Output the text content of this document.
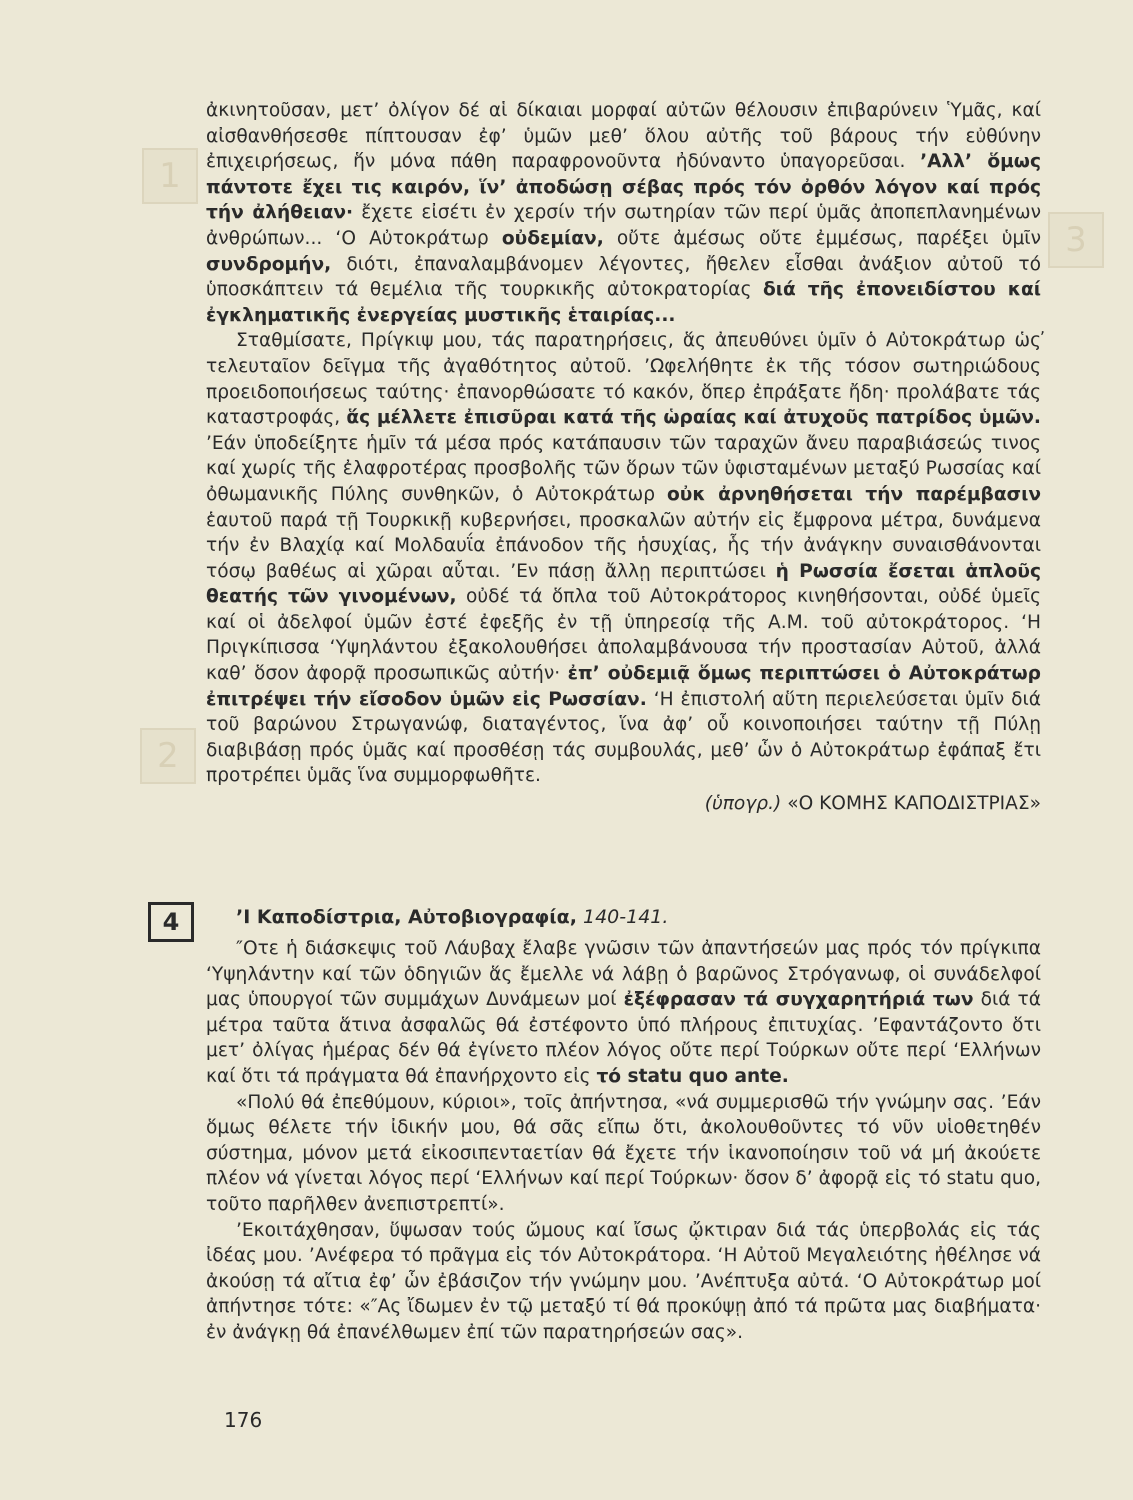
1
3
2

ἀκινητοῦσαν, μετ’ ὀλίγον δέ αἱ δίκαιαι μορφαί αὐτῶν θέλουσιν ἐπιβαρύνειν Ὑμᾶς, καί αἰσθανθήσεσθε πίπτουσαν ἐφ’ ὑμῶν μεθ’ ὅλου αὐτῆς τοῦ βάρους τήν εὐθύνην ἐπιχειρήσεως, ἥν μόνα πάθη παραφρονοῦντα ἠδύναντο ὑπαγορεῦσαι. ’Αλλ’ ὅμως πάντοτε ἔχει τις καιρόν, ἵν’ ἀποδώσῃ σέβας πρός τόν ὀρθόν λόγον καί πρός τήν ἀλήθειαν· ἔχετε εἰσέτι ἐν χερσίν τήν σωτηρίαν τῶν περί ὑμᾶς ἀποπεπλανημένων ἀνθρώπων... ‘Ο Αὐτοκράτωρ οὐδεμίαν, οὔτε ἀμέσως οὔτε ἐμμέσως, παρέξει ὑμῖν συνδρομήν, διότι, ἐπαναλαμβάνομεν λέγοντες, ἤθελεν εἶσθαι ἀνάξιον αὐτοῦ τό ὑποσκάπτειν τά θεμέλια τῆς τουρκικῆς αὐτοκρατορίας διά τῆς ἐπονειδίστου καί ἐγκληματικῆς ἐνεργείας μυστικῆς ἑταιρίας...

Σταθμίσατε, Πρίγκιψ μου, τάς παρατηρήσεις, ἅς ἀπευθύνει ὑμῖν ὁ Αὐτοκράτωρ ὡς τελευταῖον δεῖγμα τῆς ἀγαθότητος αὐτοῦ. ’Ωφελήθητε ἐκ τῆς τόσον σωτηριώδους προειδοποιήσεως ταύτης· ἐπανορθώσατε τό κακόν, ὅπερ ἐπράξατε ἤδη· προλάβατε τάς καταστροφάς, ἅς μέλλετε ἐπισῦραι κατά τῆς ὡραίας καί ἀτυχοῦς πατρίδος ὑμῶν. ’Εάν ὑποδείξητε ἡμῖν τά μέσα πρός κατάπαυσιν τῶν ταραχῶν ἄνευ παραβιάσεώς τινος καί χωρίς τῆς ἐλαφροτέρας προσβολῆς τῶν ὅρων τῶν ὑφισταμένων μεταξύ Ρωσσίας καί ὀθωμανικῆς Πύλης συνθηκῶν, ὁ Αὐτοκράτωρ οὐκ ἀρνηθήσεται τήν παρέμβασιν ἑαυτοῦ παρά τῇ Τουρκικῇ κυβερνήσει, προσκαλῶν αὐτήν εἰς ἔμφρονα μέτρα, δυνάμενα τήν ἐν Βλαχίᾳ καί Μολδαυΐα ἐπάνοδον τῆς ἡσυχίας, ἧς τήν ἀνάγκην συναισθάνονται τόσῳ βαθέως αἱ χῶραι αὗται. ’Εν πάσῃ ἄλλῃ περιπτώσει ἡ Ρωσσία ἔσεται ἁπλοῦς θεατής τῶν γινομένων, οὐδέ τά ὅπλα τοῦ Αὐτοκράτορος κινηθήσονται, οὐδέ ὑμεῖς καί οἱ ἀδελφοί ὑμῶν ἐστέ ἐφεξῆς ἐν τῇ ὑπηρεσίᾳ τῆς Α.Μ. τοῦ αὐτοκράτορος. ‘Η Πριγκίπισσα ‘Υψηλάντου ἐξακολουθήσει ἀπολαμβάνουσα τήν προστασίαν Αὐτοῦ, ἀλλά καθ’ ὅσον ἀφορᾷ προσωπικῶς αὐτήν· ἐπ’ οὐδεμιᾷ ὅμως περιπτώσει ὁ Αὐτοκράτωρ ἐπιτρέψει τήν εἴσοδον ὑμῶν εἰς Ρωσσίαν. ‘Η ἐπιστολή αὕτη περιελεύσεται ὑμῖν διά τοῦ βαρώνου Στρωγανώφ, διαταγέντος, ἵνα ἀφ’ οὗ κοινοποιήσει ταύτην τῇ Πύλῃ διαβιβάσῃ πρός ὑμᾶς καί προσθέσῃ τάς συμβουλάς, μεθ’ ὧν ὁ Αὐτοκράτωρ ἐφάπαξ ἔτι προτρέπει ὑμᾶς ἵνα συμμορφωθῆτε.

(ὑπογρ.) «Ο ΚΟΜΗΣ ΚΑΠΟΔΙΣΤΡΙΑΣ»

,
4	’Ι Καποδίστρια, Αὐτοβιογραφία, 140-141.

″Οτε ἡ διάσκεψις τοῦ Λάυβαχ ἔλαβε γνῶσιν τῶν ἀπαντήσεών μας πρός τόν πρίγκιπα ‘Υψηλάντην καί τῶν ὁδηγιῶν ἅς ἔμελλε νά λάβῃ ὁ βαρῶνος Στρόγανωφ, οἱ συνάδελφοί μας ὑπουργοί τῶν συμμάχων Δυνάμεων μοί ἐξέφρασαν τά συγχαρητήριά των διά τά μέτρα ταῦτα ἅτινα ἀσφαλῶς θά ἐστέφοντο ὑπό πλήρους ἐπιτυχίας. ’Εφαντάζοντο ὅτι μετ’ ὀλίγας ἡμέρας δέν θά ἐγίνετο πλέον λόγος οὔτε περί Τούρκων οὔτε περί ‘Ελλήνων καί ὅτι τά πράγματα θά ἐπανήρχοντο εἰς τό statu quo ante.

«Πολύ θά ἐπεθύμουν, κύριοι», τοῖς ἀπήντησα, «νά συμμερισθῶ τήν γνώμην σας. ’Εάν ὅμως θέλετε τήν ἰδικήν μου, θά σᾶς εἴπω ὅτι, ἀκολουθοῦντες τό νῦν υἱοθετηθέν σύστημα, μόνον μετά εἰκοσιπενταετίαν θά ἔχετε τήν ἱκανοποίησιν τοῦ νά μή ἀκούετε πλέον νά γίνεται λόγος περί ‘Ελλήνων καί περί Τούρκων· ὅσον δ’ ἀφορᾷ εἰς τό statu quo, τοῦτο παρῆλθεν ἀνεπιστρεπτί».

’Εκοιτάχθησαν, ὕψωσαν τούς ὤμους καί ἴσως ᾤκτιραν διά τάς ὑπερβολάς εἰς τάς ἰδέας μου. ’Ανέφερα τό πρᾶγμα εἰς τόν Αὐτοκράτορα. ‘Η Αὐτοῦ Μεγαλειότης ἠθέλησε νά ἀκούσῃ τά αἴτια ἐφ’ ὧν ἐβάσιζον τήν γνώμην μου. ’Ανέπτυξα αὐτά. ‘Ο Αὐτοκράτωρ μοί ἀπήντησε τότε: «″Ας ἴδωμεν ἐν τῷ μεταξύ τί θά προκύψῃ ἀπό τά πρῶτα μας διαβήματα· ἐν ἀνάγκῃ θά ἐπανέλθωμεν ἐπί τῶν παρατηρήσεών σας».

176
